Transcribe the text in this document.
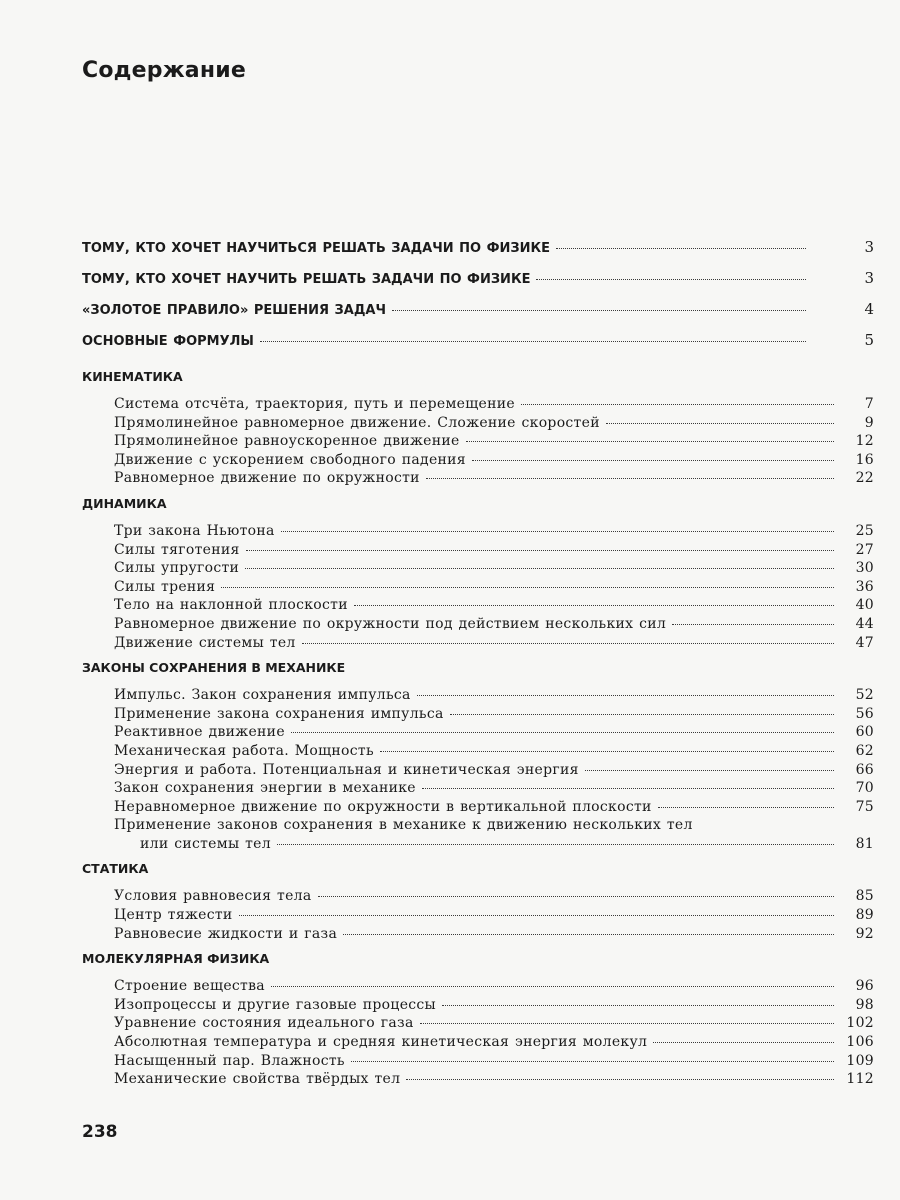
Содержание
ТОМУ, КТО ХОЧЕТ НАУЧИТЬСЯ РЕШАТЬ ЗАДАЧИ ПО ФИЗИКЕ	3
ТОМУ, КТО ХОЧЕТ НАУЧИТЬ РЕШАТЬ ЗАДАЧИ ПО ФИЗИКЕ	3
«ЗОЛОТОЕ ПРАВИЛО» РЕШЕНИЯ ЗАДАЧ	4
ОСНОВНЫЕ ФОРМУЛЫ	5
КИНЕМАТИКА
Система отсчёта, траектория, путь и перемещение	7
Прямолинейное равномерное движение. Сложение скоростей	9
Прямолинейное равноускоренное движение	12
Движение с ускорением свободного падения	16
Равномерное движение по окружности	22
ДИНАМИКА
Три закона Ньютона	25
Силы тяготения	27
Силы упругости	30
Силы трения	36
Тело на наклонной плоскости	40
Равномерное движение по окружности под действием нескольких сил	44
Движение системы тел	47
ЗАКОНЫ СОХРАНЕНИЯ В МЕХАНИКЕ
Импульс. Закон сохранения импульса	52
Применение закона сохранения импульса	56
Реактивное движение	60
Механическая работа. Мощность	62
Энергия и работа. Потенциальная и кинетическая энергия	66
Закон сохранения энергии в механике	70
Неравномерное движение по окружности в вертикальной плоскости	75
Применение законов сохранения в механике к движению нескольких тел
или системы тел	81
СТАТИКА
Условия равновесия тела	85
Центр тяжести	89
Равновесие жидкости и газа	92
МОЛЕКУЛЯРНАЯ ФИЗИКА
Строение вещества	96
Изопроцессы и другие газовые процессы	98
Уравнение состояния идеального газа	102
Абсолютная температура и средняя кинетическая энергия молекул	106
Насыщенный пар. Влажность	109
Механические свойства твёрдых тел	112
238
